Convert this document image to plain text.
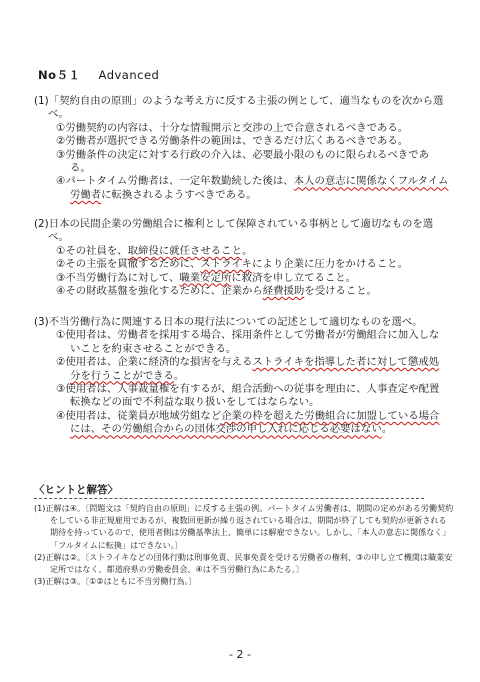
No５１ Advanced

(1)「契約自由の原則」のような考え方に反する主張の例として、適当なものを次から選べ。

①労働契約の内容は、十分な情報開示と交渉の上で合意されるべきである。

②労働者が選択できる労働条件の範囲は、できるだけ広くあるべきである。

③労働条件の決定に対する行政の介入は、必要最小限のものに限られるべきである。

④パートタイム労働者は、一定年数勤続した後は、本人の意志に関係なくフルタイム労働者に転換されるようすべきである。

(2)日本の民間企業の労働組合に権利として保障されている事柄として適切なものを選べ。

①その社員を、取締役に就任させること。

②その主張を貫徹するために、ストライキにより企業に圧力をかけること。

③不当労働行為に対して、職業安定所に救済を申し立てること。

④その財政基盤を強化するために、企業から経費援助を受けること。

(3)不当労働行為に関連する日本の現行法についての記述として適切なものを選べ。

①使用者は、労働者を採用する場合、採用条件として労働者が労働組合に加入しないことを約束させることができる。

②使用者は、企業に経済的な損害を与えるストライキを指導した者に対して懲戒処分を行うことができる。

③使用者は、人事裁量権を有するが、組合活動への従事を理由に、人事査定や配置転換などの面で不利益な取り扱いをしてはならない。

④使用者は、従業員が地域労組など企業の枠を超えた労働組合に加盟している場合には、その労働組合からの団体交渉の申し入れに応じる必要はない。

〈ヒントと解答〉

(1)正解は④。〔問題文は「契約自由の原則」に反する主張の例。パートタイム労働者は、期間の定めがある労働契約をしている非正規雇用であるが、複数回更新が繰り返されている場合は、期間が終了しても契約が更新される期待を持っているので、使用者側は労働基準法上、簡単には解雇できない。しかし、「本人の意志に関係なく」「フルタイムに転換」はできない。〕

(2)正解は②。〔ストライキなどの団体行動は刑事免責、民事免責を受ける労働者の権利、③の申し立て機関は職業安定所ではなく、都道府県の労働委員会、④は不当労働行為にあたる。〕

(3)正解は③。〔①②はともに不当労働行為。〕

- 2 -
